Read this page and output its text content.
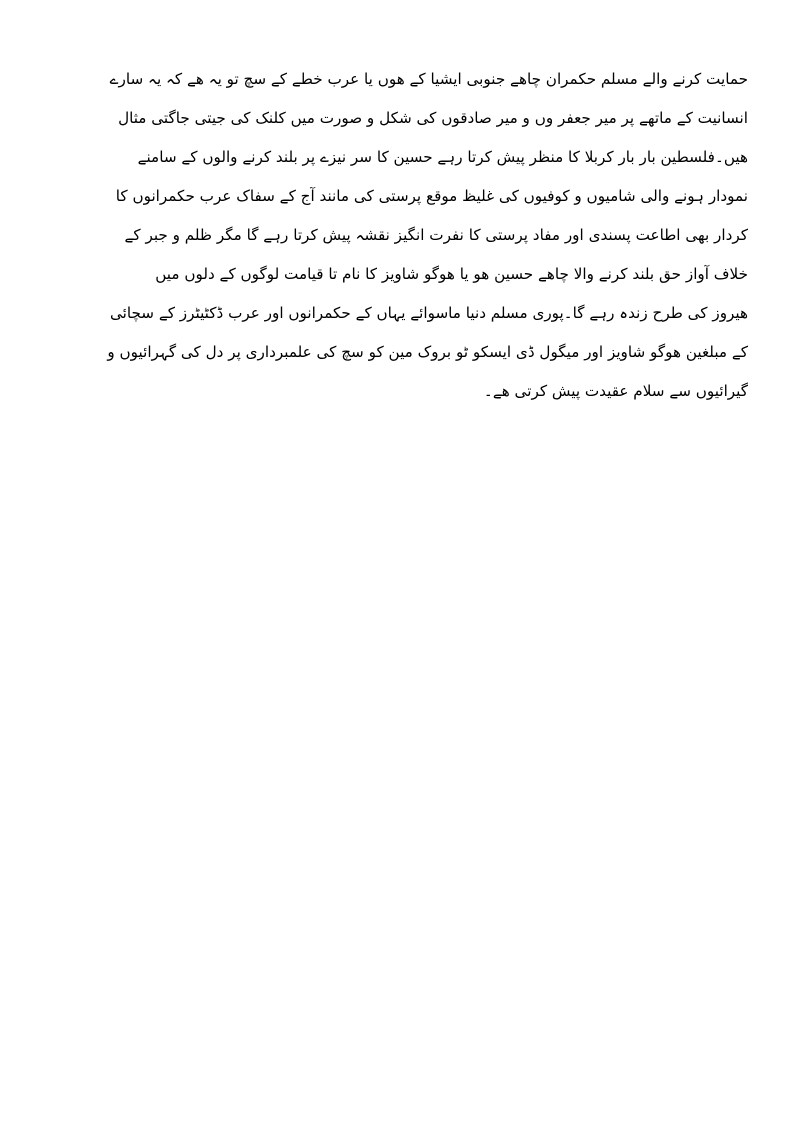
حمایت کرنے والے مسلم حکمران چاھے جنوبی ایشیا کے ھوں یا عرب خطے کے سچ تو یہ ھے کہ یہ سارے
انسانیت کے ماتھے پر میر جعفر وں و میر صادقوں کی شکل و صورت میں کلنک کی جیتی جاگتی مثال
ھیں۔فلسطین بار بار کربلا کا منظر پیش کرتا رہے حسین کا سر نیزے پر بلند کرنے والوں کے سامنے
نمودار ہونے والی شامیوں و کوفیوں کی غلیظ موقع پرستی کی مانند آج کے سفاک عرب حکمرانوں کا
کردار بھی اطاعت پسندی اور مفاد پرستی کا نفرت انگیز نقشہ پیش کرتا رہے گا مگر ظلم و جبر کے
خلاف آواز حق بلند کرنے والا چاھے حسین ھو یا ھوگو شاویز کا نام تا قیامت لوگوں کے دلوں میں
ھیروز کی طرح زندہ رہے گا۔پوری مسلم دنیا ماسوائے یہاں کے حکمرانوں اور عرب ڈکٹیٹرز کے سچائی
کے مبلغین ھوگو شاویز اور میگول ڈی ایسکو ٹو بروک مین کو سچ کی علمبرداری پر دل کی گہرائیوں و
گیرائیوں سے سلام عقیدت پیش کرتی ھے۔
